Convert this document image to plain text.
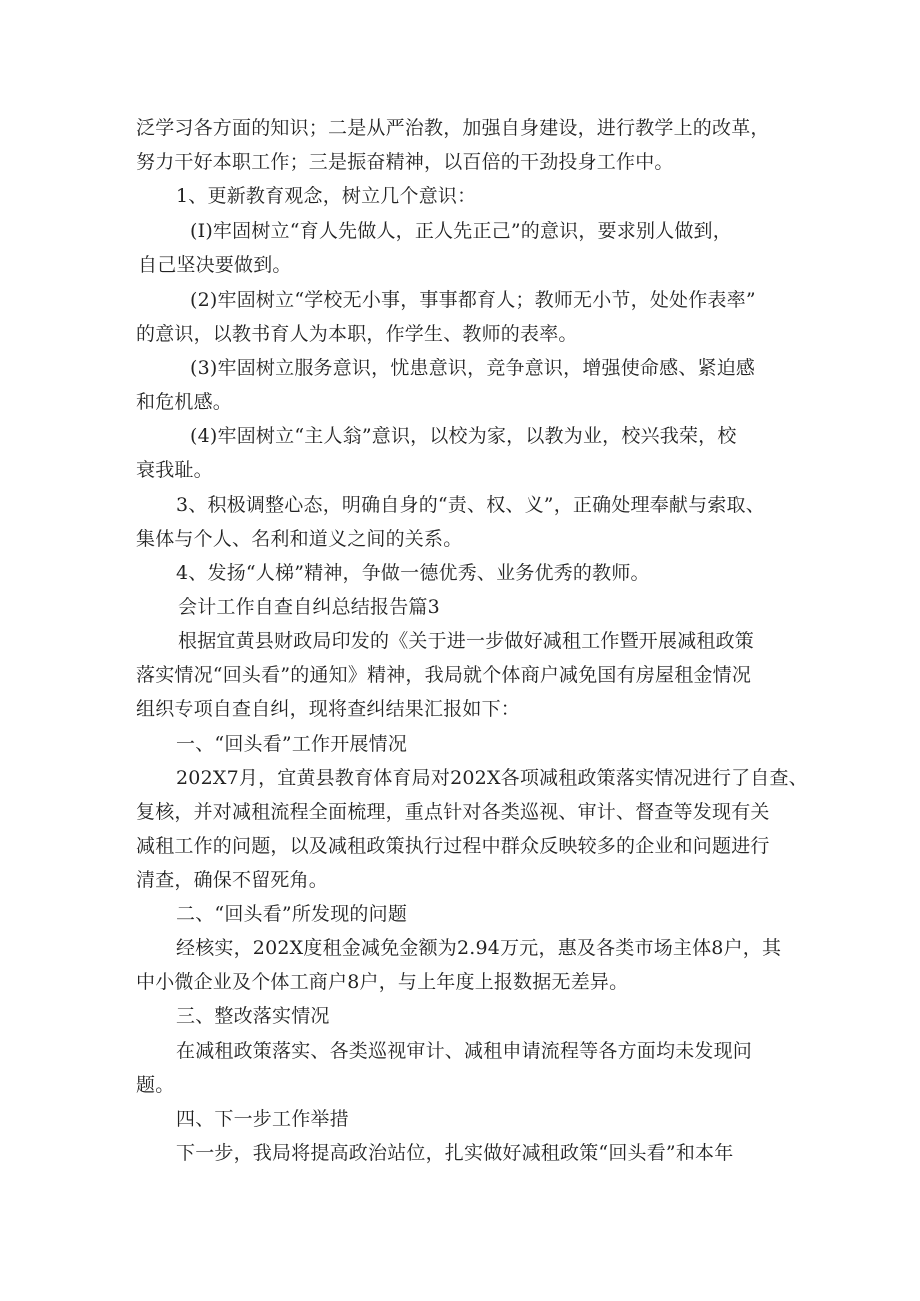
泛学习各方面的知识；二是从严治教，加强自身建设，进行教学上的改革，
努力干好本职工作；三是振奋精神，以百倍的干劲投身工作中。
1、更新教育观念，树立几个意识：
(I)牢固树立“育人先做人，正人先正己”的意识，要求别人做到，
自己坚决要做到。
(2)牢固树立“学校无小事，事事都育人；教师无小节，处处作表率”
的意识，以教书育人为本职，作学生、教师的表率。
(3)牢固树立服务意识，忧患意识，竞争意识，增强使命感、紧迫感
和危机感。
(4)牢固树立“主人翁”意识，以校为家，以教为业，校兴我荣，校
衰我耻。
3、积极调整心态，明确自身的“责、权、义”，正确处理奉献与索取、
集体与个人、名利和道义之间的关系。
4、发扬“人梯”精神，争做一德优秀、业务优秀的教师。
会计工作自查自纠总结报告篇3
根据宜黄县财政局印发的《关于进一步做好减租工作暨开展减租政策
落实情况“回头看”的通知》精神，我局就个体商户减免国有房屋租金情况
组织专项自查自纠，现将查纠结果汇报如下：
一、“回头看”工作开展情况
202X7月，宜黄县教育体育局对202X各项减租政策落实情况进行了自查、
复核，并对减租流程全面梳理，重点针对各类巡视、审计、督查等发现有关
减租工作的问题，以及减租政策执行过程中群众反映较多的企业和问题进行
清查，确保不留死角。
二、“回头看”所发现的问题
经核实，202X度租金减免金额为2.94万元，惠及各类市场主体8户，其
中小微企业及个体工商户8户，与上年度上报数据无差异。
三、整改落实情况
在减租政策落实、各类巡视审计、减租申请流程等各方面均未发现问
题。
四、下一步工作举措
下一步，我局将提高政治站位，扎实做好减租政策“回头看”和本年
